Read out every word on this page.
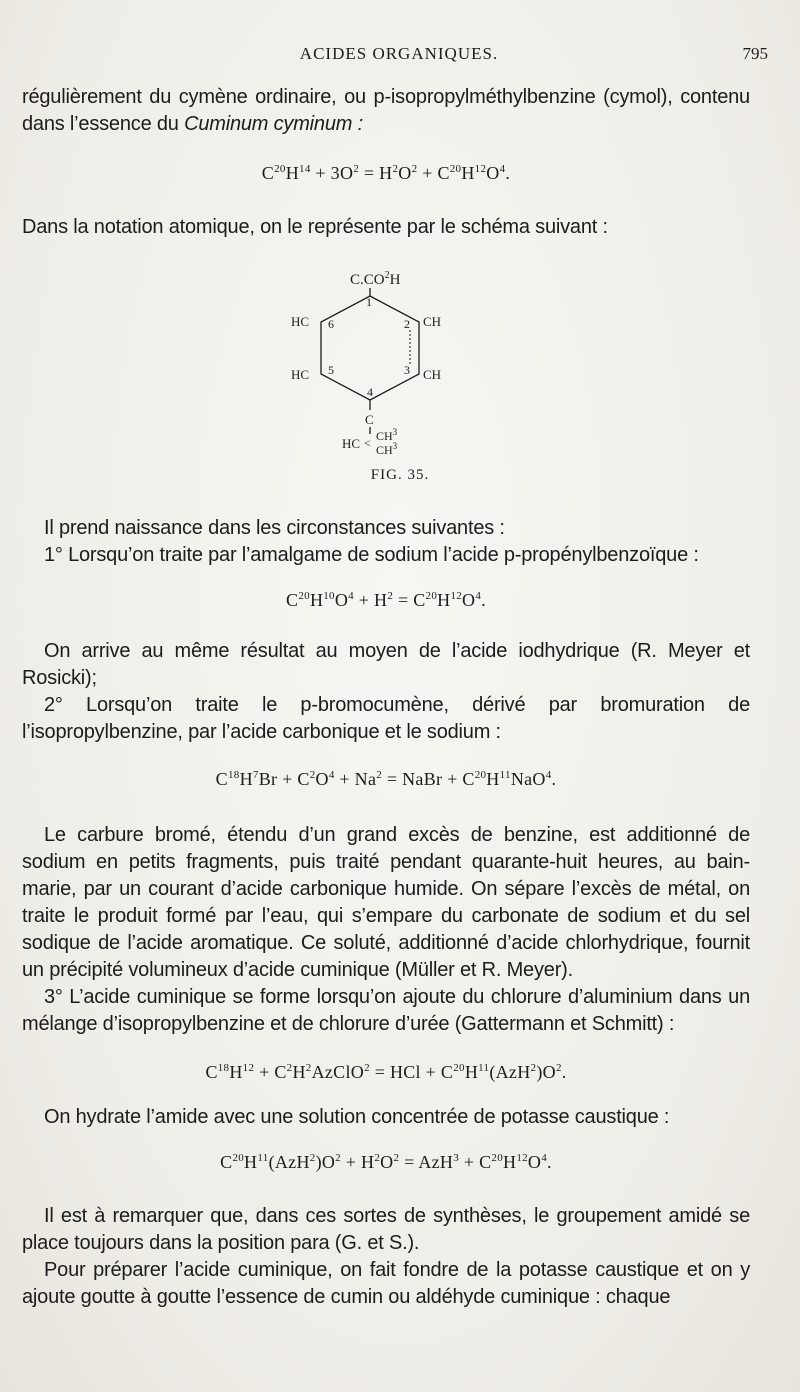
ACIDES ORGANIQUES.	795
régulièrement du cymène ordinaire, ou p-isopropylméthylbenzine (cymol), contenu dans l’essence du Cuminum cyminum :
$C^{20}H^{14} + 3O^2 = H^2O^2 + C^{20}H^{12}O^4$.
Dans la notation atomique, on le représente par le schéma suivant :
$C.CO^2H$
1
6	2
5	3
4
HC
HC
CH
CH
C
HC < $CH^3$
$CH^3$
FIG. 35.
Il prend naissance dans les circonstances suivantes :
1° Lorsqu’on traite par l’amalgame de sodium l’acide p-propénylbenzoïque :
$C^{20}H^{10}O^4 + H^2 = C^{20}H^{12}O^4$.
On arrive au même résultat au moyen de l’acide iodhydrique (R. Meyer et Rosicki);
2° Lorsqu’on traite le p-bromocumène, dérivé par bromuration de l’isopropylbenzine, par l’acide carbonique et le sodium :
$C^{18}H^7Br + C^2O^4 + Na^2$ = NaBr + $C^{20}H^{11}NaO^4$.
Le carbure bromé, étendu d’un grand excès de benzine, est additionné de sodium en petits fragments, puis traité pendant quarante-huit heures, au bain-marie, par un courant d’acide carbonique humide. On sépare l’excès de métal, on traite le produit formé par l’eau, qui s’empare du carbonate de sodium et du sel sodique de l’acide aromatique. Ce soluté, additionné d’acide chlorhydrique, fournit un précipité volumineux d’acide cuminique (Müller et R. Meyer).
3° L’acide cuminique se forme lorsqu’on ajoute du chlorure d’aluminium dans un mélange d’isopropylbenzine et de chlorure d’urée (Gattermann et Schmitt) :
$C^{18}H^{12}$ + $C^2H^2AzClO^2$ = HCl + $C^{20}H^{11}(AzH^2)O^2$.
On hydrate l’amide avec une solution concentrée de potasse caustique :
$C^{20}H^{11}(AzH^2)O^2 + H^2O^2 = AzH^3 + C^{20}H^{12}O^4$.
Il est à remarquer que, dans ces sortes de synthèses, le groupement amidé se place toujours dans la position para (G. et S.).
Pour préparer l’acide cuminique, on fait fondre de la potasse caustique et on y ajoute goutte à goutte l’essence de cumin ou aldéhyde cuminique : chaque
